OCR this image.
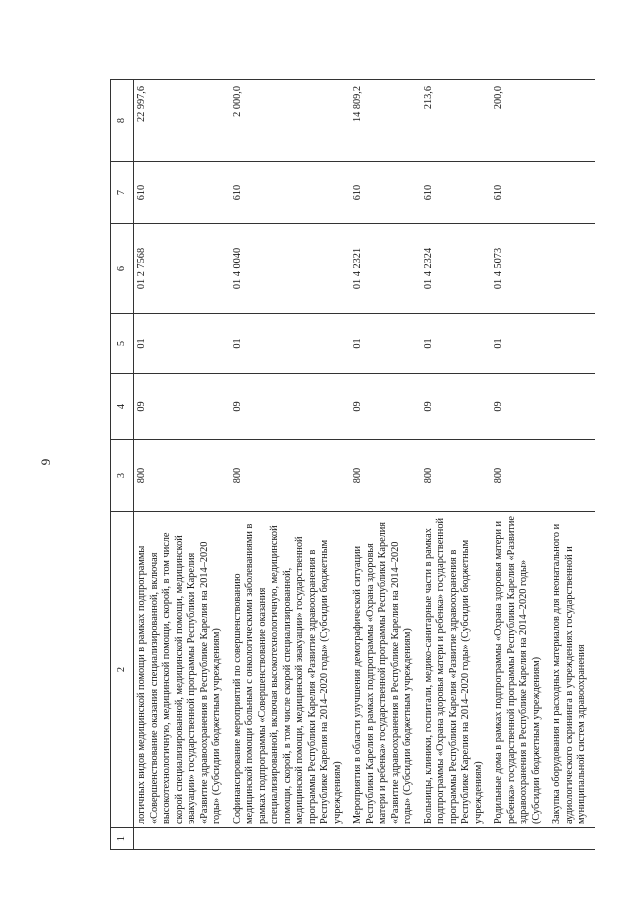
9
1	2	3	4	5	6	7	8
	логичных видов медицинской помощи в рамках подпрограммы «Совершенствование оказания специализированной, включая высокотехнологичную, медицинской помощи, скорой, в том числе скорой специализированной, медицинской помощи, медицинской эвакуации» государственной программы Республики Карелия «Развитие здравоохранения в Республике Карелия на 2014–2020 годы» (Субсидии бюджетным учреждениям)	800	09	01	01 2 7568	610	22 997,6
	Софинансирование мероприятий по совершенствованию медицинской помощи больным с онкологическими заболеваниями в рамках подпрограммы «Совершенствование оказания специализированной, включая высокотехнологичную, медицинской помощи, скорой, в том числе скорой специализированной, медицинской помощи, медицинской эвакуации» государственной программы Республики Карелия «Развитие здравоохранения в Республике Карелия на 2014–2020 годы» (Субсидии бюджетным учреждениям)	800	09	01	01 4 0040	610	2 000,0
	Мероприятия в области улучшения демографической ситуации Республики Карелия в рамках подпрограммы «Охрана здоровья матери и ребенка» государственной программы Республики Карелия «Развитие здравоохранения в Республике Карелия на 2014–2020 годы» (Субсидии бюджетным учреждениям)	800	09	01	01 4 2321	610	14 809,2
	Больницы, клиники, госпитали, медико-санитарные части в рамках подпрограммы «Охрана здоровья матери и ребенка» государственной программы Республики Карелия «Развитие здравоохранения в Республике Карелия на 2014–2020 годы» (Субсидии бюджетным учреждениям)	800	09	01	01 4 2324	610	213,6
	Родильные дома в рамках подпрограммы «Охрана здоровья матери и ребенка» государственной программы Республики Карелия «Развитие здравоохранения в Республике Карелия на 2014–2020 годы» (Субсидии бюджетным учреждениям)	800	09	01	01 4 5073	610	200,0
	Закупка оборудования и расходных материалов для неонатального и аудиологического скрининга в учреждениях государственной и муниципальной систем здравоохранения						
